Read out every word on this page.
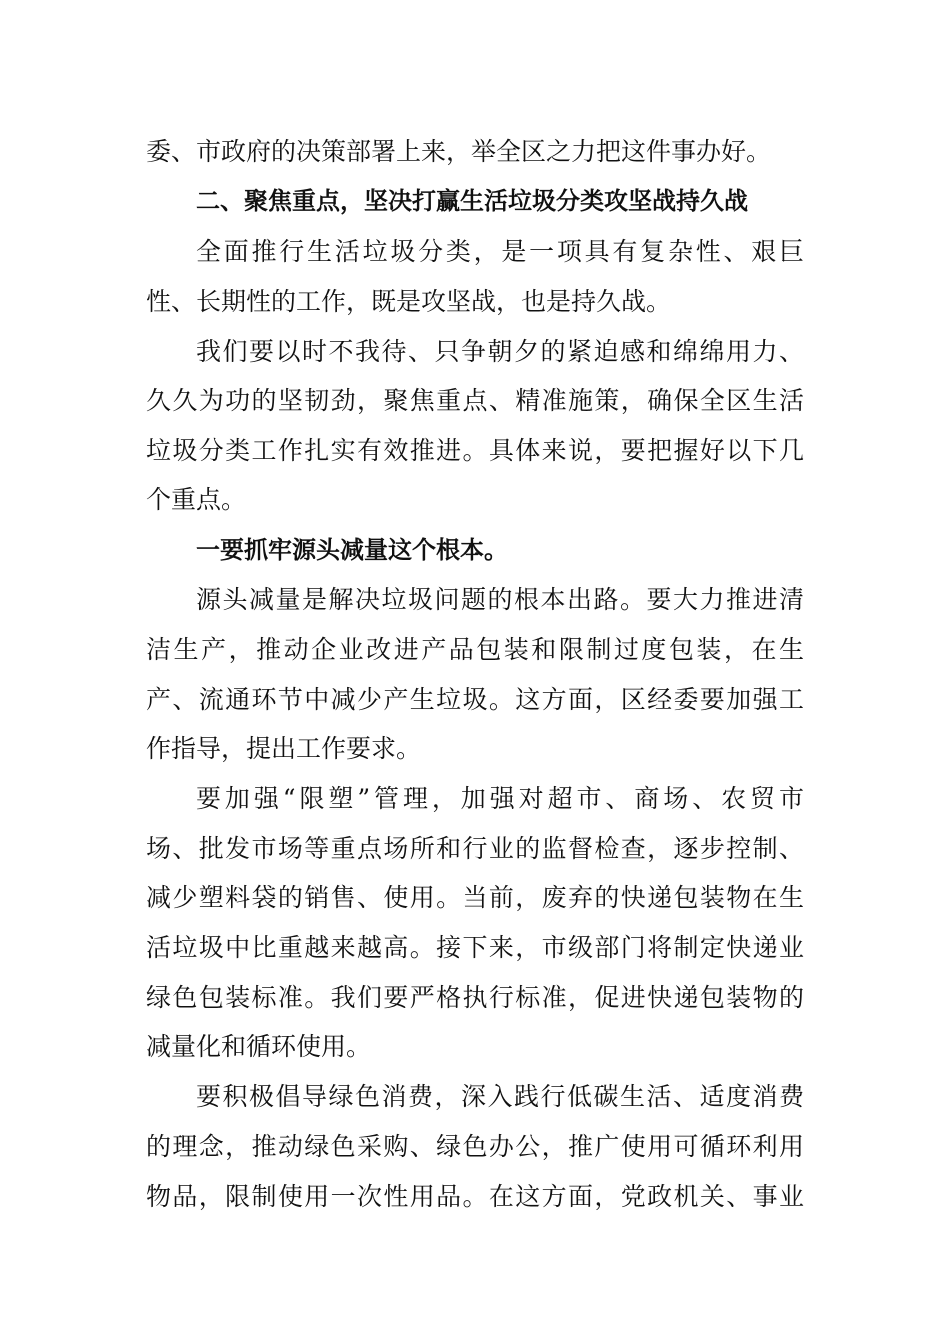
委、市政府的决策部署上来，举全区之力把这件事办好。
二、聚焦重点，坚决打赢生活垃圾分类攻坚战持久战
全面推行生活垃圾分类，是一项具有复杂性、艰巨
性、长期性的工作，既是攻坚战，也是持久战。
我们要以时不我待、只争朝夕的紧迫感和绵绵用力、
久久为功的坚韧劲，聚焦重点、精准施策，确保全区生活
垃圾分类工作扎实有效推进。具体来说，要把握好以下几
个重点。
一要抓牢源头减量这个根本。
源头减量是解决垃圾问题的根本出路。要大力推进清
洁生产，推动企业改进产品包装和限制过度包装，在生
产、流通环节中减少产生垃圾。这方面，区经委要加强工
作指导，提出工作要求。
要加强“限塑”管理，加强对超市、商场、农贸市
场、批发市场等重点场所和行业的监督检查，逐步控制、
减少塑料袋的销售、使用。当前，废弃的快递包装物在生
活垃圾中比重越来越高。接下来，市级部门将制定快递业
绿色包装标准。我们要严格执行标准，促进快递包装物的
减量化和循环使用。
要积极倡导绿色消费，深入践行低碳生活、适度消费
的理念，推动绿色采购、绿色办公，推广使用可循环利用
物品，限制使用一次性用品。在这方面，党政机关、事业
